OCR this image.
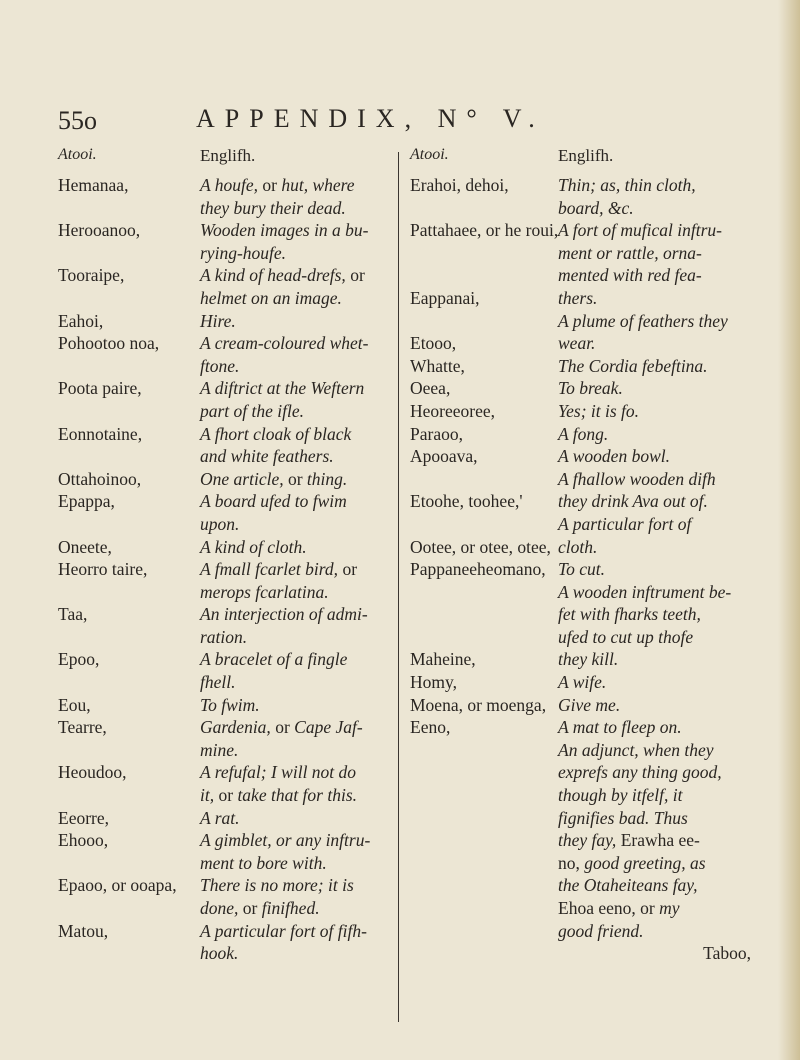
55o	APPENDIX, N° V.
Atooi.
Hemanaa,
Herooanoo,
Tooraipe,
Eahoi,
Pohootoo noa,
Poota paire,
Eonnotaine,
Ottahoinoo,
Epappa,
Oneete,
Heorro taire,
Taa,
Epoo,
Eou,
Tearre,
Heoudoo,
Eeorre,
Ehooo,
Epaoo, or ooapa,
Matou,
Englifh.
A houfe, or hut, where
they bury their dead.
Wooden images in a bu-
rying-houfe.
A kind of head-drefs, or
helmet on an image.
Hire.
A cream-coloured whet-
ftone.
A diftrict at the Weftern
part of the ifle.
A fhort cloak of black
and white feathers.
One article, or thing.
A board ufed to fwim
upon.
A kind of cloth.
A fmall fcarlet bird, or
merops fcarlatina.
An interjection of admi-
ration.
A bracelet of a fingle
fhell.
To fwim.
Gardenia, or Cape Jaf-
mine.
A refufal; I will not do
it, or take that for this.
A rat.
A gimblet, or any inftru-
ment to bore with.
There is no more; it is
done, or finifhed.
A particular fort of fifh-
hook.
Atooi.
Erahoi, dehoi,
Pattahaee, or he roui,
Eappanai,
Etooo,
Whatte,
Oeea,
Heoreeoree,
Paraoo,
Apooava,
Etoohe, toohee,'
Ootee, or otee, otee,
Pappaneeheomano,
Maheine,
Homy,
Moena, or moenga,
Eeno,
Englifh.
Thin; as, thin cloth,
board, &c.
A fort of mufical inftru-
ment or rattle, orna-
mented with red fea-
thers.
A plume of feathers they
wear.
The Cordia febeftina.
To break.
Yes; it is fo.
A fong.
A wooden bowl.
A fhallow wooden difh
they drink Ava out of.
A particular fort of
cloth.
To cut.
A wooden inftrument be-
fet with fharks teeth,
ufed to cut up thofe
they kill.
A wife.
Give me.
A mat to fleep on.
An adjunct, when they
exprefs any thing good,
though by itfelf, it
fignifies bad. Thus
they fay, Erawha ee-
no, good greeting, as
the Otaheiteans fay,
Ehoa eeno, or my
good friend.
Taboo,
